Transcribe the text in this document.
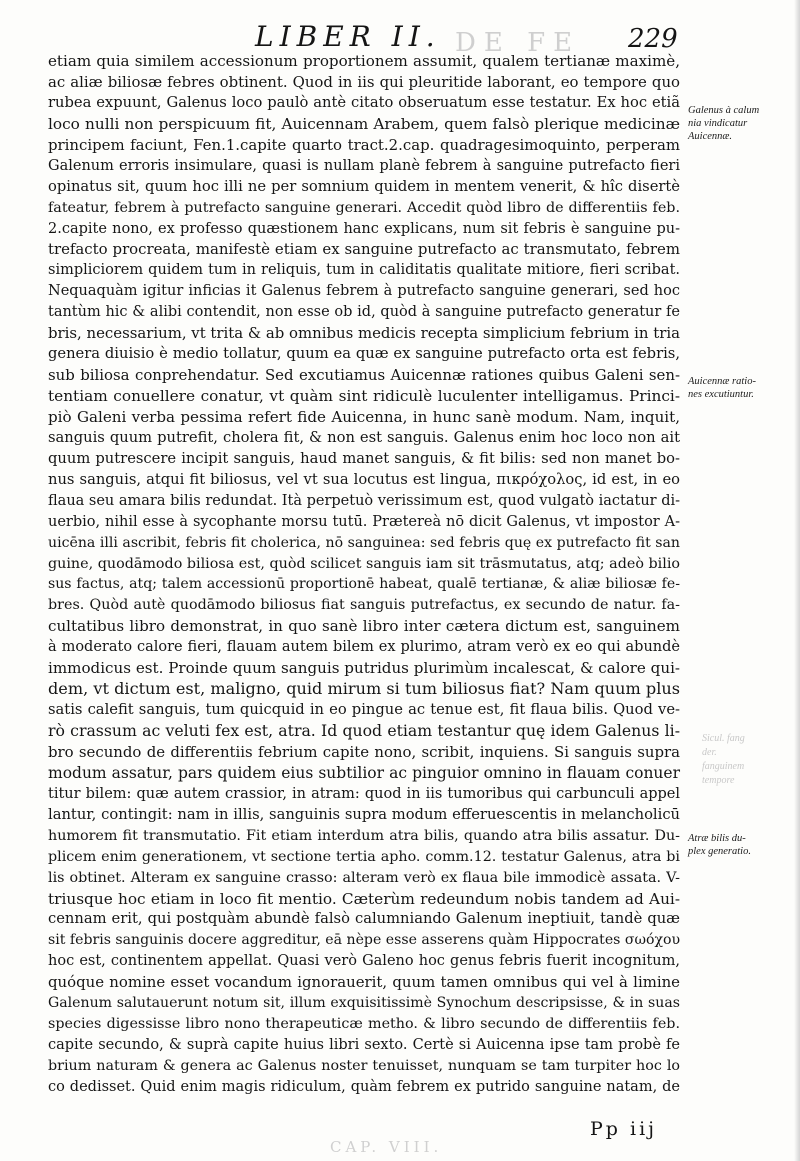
LIBER II. DE FE 229
etiam quia similem accessionum proportionem assumit, qualem tertianæ maximè,
ac aliæ biliosæ febres obtinent. Quod in iis qui pleuritide laborant, eo tempore quo
rubea expuunt, Galenus loco paulò antè citato obseruatum esse testatur. Ex hoc etiã
loco nulli non perspicuum fit, Auicennam Arabem, quem falsò plerique medicinæ
principem faciunt, Fen.1.capite quarto tract.2.cap. quadragesimoquinto, perperam
Galenum erroris insimulare, quasi is nullam planè febrem à sanguine putrefacto fieri
opinatus sit, quum hoc illi ne per somnium quidem in mentem venerit, & hîc disertè
fateatur, febrem à putrefacto sanguine generari. Accedit quòd libro de differentiis feb.
2.capite nono, ex professo quæstionem hanc explicans, num sit febris è sanguine pu-
trefacto procreata, manifestè etiam ex sanguine putrefacto ac transmutato, febrem
simpliciorem quidem tum in reliquis, tum in caliditatis qualitate mitiore, fieri scribat.
Nequaquàm igitur inficias it Galenus febrem à putrefacto sanguine generari, sed hoc
tantùm hic & alibi contendit, non esse ob id, quòd à sanguine putrefacto generatur fe
bris, necessarium, vt trita & ab omnibus medicis recepta simplicium febrium in tria
genera diuisio è medio tollatur, quum ea quæ ex sanguine putrefacto orta est febris,
sub biliosa conprehendatur. Sed excutiamus Auicennæ rationes quibus Galeni sen-
tentiam conuellere conatur, vt quàm sint ridiculè luculenter intelligamus. Princi-
piò Galeni verba pessima refert fide Auicenna, in hunc sanè modum. Nam, inquit,
sanguis quum putrefit, cholera fit, & non est sanguis. Galenus enim hoc loco non ait
quum putrescere incipit sanguis, haud manet sanguis, & fit bilis: sed non manet bo-
nus sanguis, atqui fit biliosus, vel vt sua locutus est lingua, πικρόχολος, id est, in eo
flaua seu amara bilis redundat. Ità perpetuò verissimum est, quod vulgatò iactatur di-
uerbio, nihil esse à sycophante morsu tutū. Prætereà nō dicit Galenus, vt impostor A-
uicēna illi ascribit, febris fit cholerica, nō sanguinea: sed febris quę ex putrefacto fit san
guine, quodāmodo biliosa est, quòd scilicet sanguis iam sit trāsmutatus, atq; adeò bilio
sus factus, atq; talem accessionū proportionē habeat, qualē tertianæ, & aliæ biliosæ fe-
bres. Quòd autè quodāmodo biliosus fiat sanguis putrefactus, ex secundo de natur. fa-
cultatibus libro demonstrat, in quo sanè libro inter cætera dictum est, sanguinem
à moderato calore fieri, flauam autem bilem ex plurimo, atram verò ex eo qui abundè
immodicus est. Proinde quum sanguis putridus plurimùm incalescat, & calore qui-
dem, vt dictum est, maligno, quid mirum si tum biliosus fiat? Nam quum plus
satis calefit sanguis, tum quicquid in eo pingue ac tenue est, fit flaua bilis. Quod ve-
rò crassum ac veluti fex est, atra. Id quod etiam testantur quę idem Galenus li-
bro secundo de differentiis febrium capite nono, scribit, inquiens. Si sanguis supra
modum assatur, pars quidem eius subtilior ac pinguior omnino in flauam conuer
titur bilem: quæ autem crassior, in atram: quod in iis tumoribus qui carbunculi appel
lantur, contingit: nam in illis, sanguinis supra modum efferuescentis in melancholicū
humorem fit transmutatio. Fit etiam interdum atra bilis, quando atra bilis assatur. Du-
plicem enim generationem, vt sectione tertia apho. comm.12. testatur Galenus, atra bi
lis obtinet. Alteram ex sanguine crasso: alteram verò ex flaua bile immodicè assata. V-
triusque hoc etiam in loco fit mentio. Cæterùm redeundum nobis tandem ad Aui-
cennam erit, qui postquàm abundè falsò calumniando Galenum ineptiuit, tandè quæ
sit febris sanguinis docere aggreditur, eā nèpe esse asserens quàm Hippocrates σωόχου
hoc est, continentem appellat. Quasi verò Galeno hoc genus febris fuerit incognitum,
quóque nomine esset vocandum ignorauerit, quum tamen omnibus qui vel à limine
Galenum salutauerunt notum sit, illum exquisitissimè Synochum descripsisse, & in suas
species digessisse libro nono therapeuticæ metho. & libro secundo de differentiis feb.
capite secundo, & suprà capite huius libri sexto. Certè si Auicenna ipse tam probè fe
brium naturam & genera ac Galenus noster tenuisset, nunquam se tam turpiter hoc lo
co dedisset. Quid enim magis ridiculum, quàm febrem ex putrido sanguine natam, de
Galenus à calum
nia vindicatur
Auicennæ.
Auicennæ ratio-
nes excutiuntur.
Atræ bilis du-
plex generatio.
Sicul. fang
der.
fanguinem
tempore
Pp iij
CAP. VIII.
